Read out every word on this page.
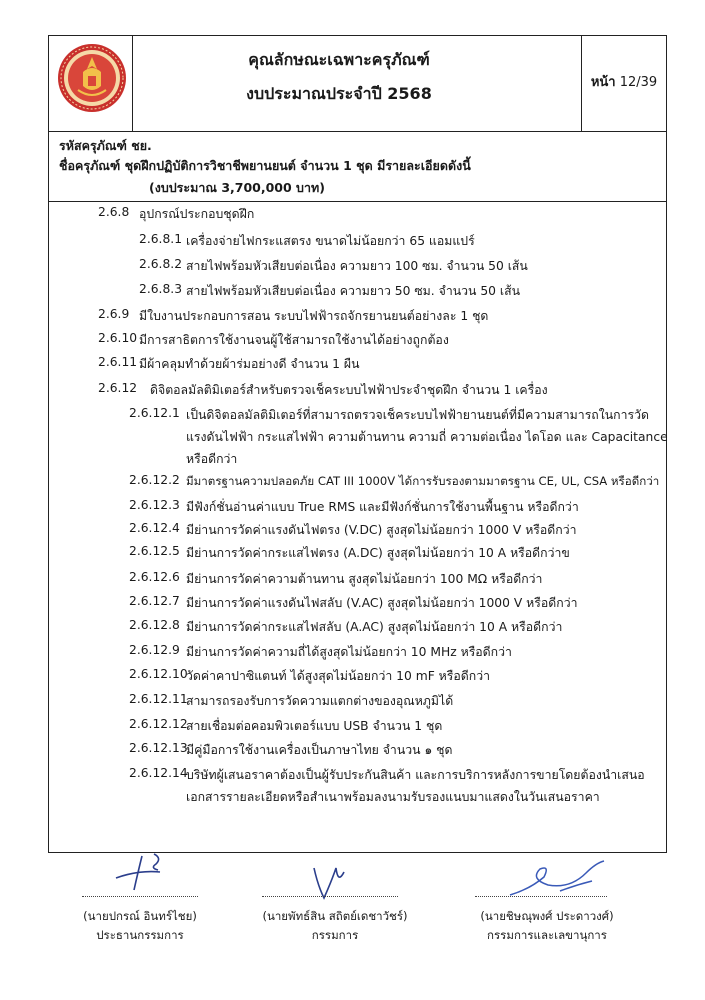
คุณลักษณะเฉพาะครุภัณฑ์
งบประมาณประจำปี 2568
หน้า 12/39
รหัสครุภัณฑ์ ชย.
ชื่อครุภัณฑ์ ชุดฝึกปฏิบัติการวิชาชีพยานยนต์ จำนวน 1 ชุด มีรายละเอียดดังนี้
(งบประมาณ 3,700,000 บาท)
2.6.8 อุปกรณ์ประกอบชุดฝึก
2.6.8.1 เครื่องจ่ายไฟกระแสตรง ขนาดไม่น้อยกว่า 65 แอมแปร์
2.6.8.2 สายไฟพร้อมหัวเสียบต่อเนื่อง ความยาว 100 ซม. จำนวน 50 เส้น
2.6.8.3 สายไฟพร้อมหัวเสียบต่อเนื่อง ความยาว 50 ซม. จำนวน 50 เส้น
2.6.9 มีใบงานประกอบการสอน ระบบไฟฟ้ารถจักรยานยนต์อย่างละ 1 ชุด
2.6.10 มีการสาธิตการใช้งานจนผู้ใช้สามารถใช้งานได้อย่างถูกต้อง
2.6.11 มีผ้าคลุมทำด้วยผ้าร่มอย่างดี จำนวน 1 ผืน
2.6.12 ดิจิตอลมัลติมิเตอร์สำหรับตรวจเช็คระบบไฟฟ้าประจำชุดฝึก จำนวน 1 เครื่อง
2.6.12.1 เป็นดิจิตอลมัลติมิเตอร์ที่สามารถตรวจเช็คระบบไฟฟ้ายานยนต์ที่มีความสามารถในการวัด
แรงดันไฟฟ้า กระแสไฟฟ้า ความต้านทาน ความถี่ ความต่อเนื่อง ไดโอด และ Capacitance
หรือดีกว่า
2.6.12.2 มีมาตรฐานความปลอดภัย CAT III 1000V ได้การรับรองตามมาตรฐาน CE, UL, CSA หรือดีกว่า
2.6.12.3 มีฟังก์ชั่นอ่านค่าแบบ True RMS และมีฟังก์ชั่นการใช้งานพื้นฐาน หรือดีกว่า
2.6.12.4 มีย่านการวัดค่าแรงดันไฟตรง (V.DC) สูงสุดไม่น้อยกว่า 1000 V หรือดีกว่า
2.6.12.5 มีย่านการวัดค่ากระแสไฟตรง (A.DC) สูงสุดไม่น้อยกว่า 10 A หรือดีกว่าข
2.6.12.6 มีย่านการวัดค่าความต้านทาน สูงสุดไม่น้อยกว่า 100 MΩ หรือดีกว่า
2.6.12.7 มีย่านการวัดค่าแรงดันไฟสลับ (V.AC) สูงสุดไม่น้อยกว่า 1000 V หรือดีกว่า
2.6.12.8 มีย่านการวัดค่ากระแสไฟสลับ (A.AC) สูงสุดไม่น้อยกว่า 10 A หรือดีกว่า
2.6.12.9 มีย่านการวัดค่าความถี่ได้สูงสุดไม่น้อยกว่า 10 MHz หรือดีกว่า
2.6.12.10
วัดค่าคาปาซิแตนท์ ได้สูงสุดไม่น้อยกว่า 10 mF หรือดีกว่า
2.6.12.11
สามารถรองรับการวัดความแตกต่างของอุณหภูมิได้
2.6.12.12
สายเชื่อมต่อคอมพิวเตอร์แบบ USB จำนวน 1 ชุด
2.6.12.13
มีคู่มือการใช้งานเครื่องเป็นภาษาไทย จำนวน ๑ ชุด
2.6.12.14
บริษัทผู้เสนอราคาต้องเป็นผู้รับประกันสินค้า และการบริการหลังการขายโดยต้องนำเสนอ
เอกสารรายละเอียดหรือสำเนาพร้อมลงนามรับรองแนบมาแสดงในวันเสนอราคา
(นายปกรณ์ อินทร์ไชย)
ประธานกรรมการ
(นายพัทธ์สิน สถิตย์เดชาวัชร์)
กรรมการ
(นายชิษณุพงศ์ ประดาวงศ์)
กรรมการและเลขานุการ
